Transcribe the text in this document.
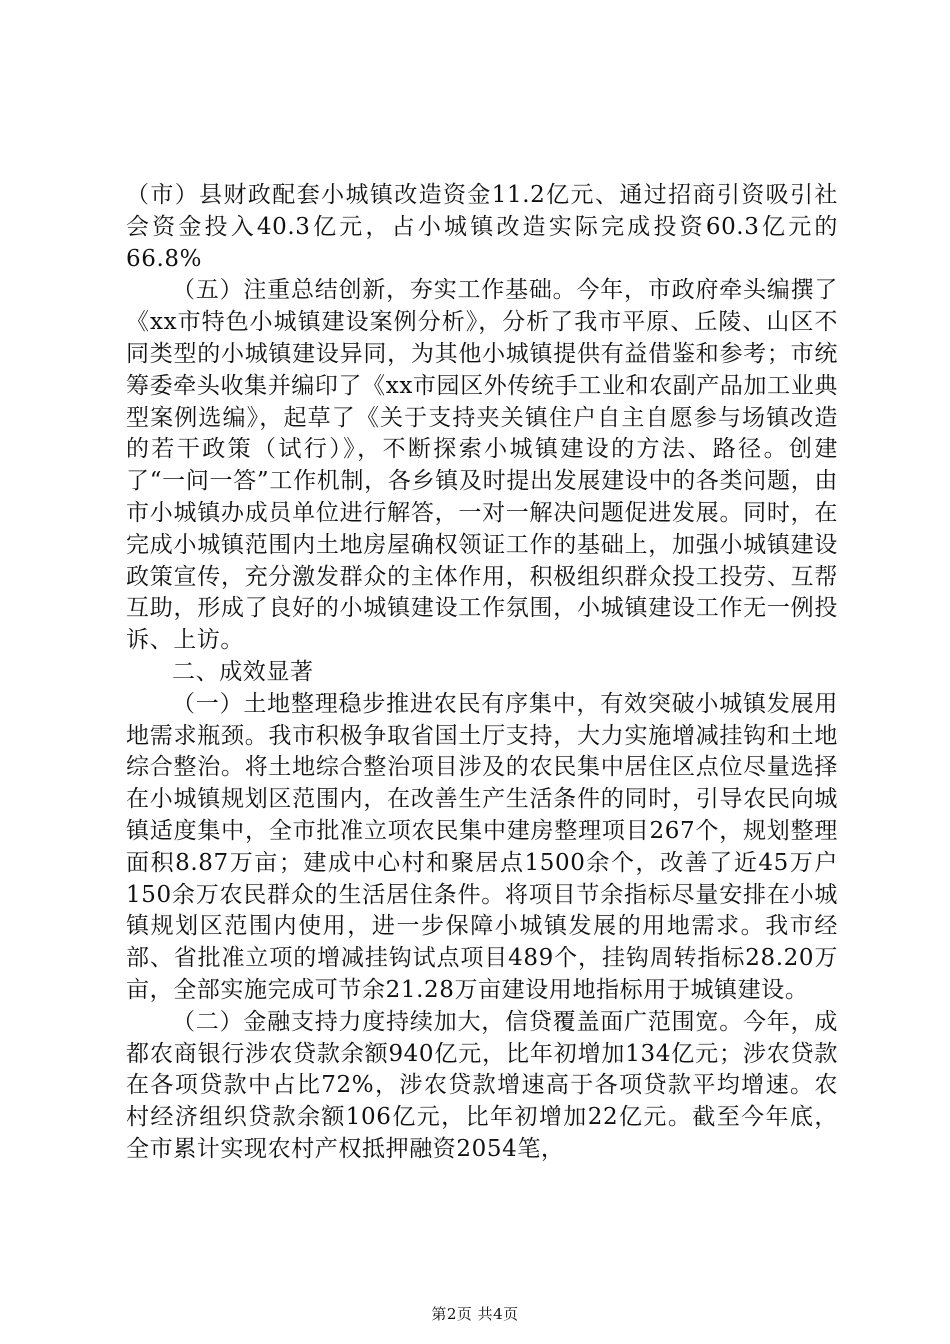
（市）县财政配套小城镇改造资金11.2亿元、通过招商引资吸引社会资金投入40.3亿元，占小城镇改造实际完成投资60.3亿元的66.8%

（五）注重总结创新，夯实工作基础。今年，市政府牵头编撰了《xx市特色小城镇建设案例分析》，分析了我市平原、丘陵、山区不同类型的小城镇建设异同，为其他小城镇提供有益借鉴和参考；市统筹委牵头收集并编印了《xx市园区外传统手工业和农副产品加工业典型案例选编》，起草了《关于支持夹关镇住户自主自愿参与场镇改造的若干政策（试行）》，不断探索小城镇建设的方法、路径。创建了“一问一答”工作机制，各乡镇及时提出发展建设中的各类问题，由市小城镇办成员单位进行解答，一对一解决问题促进发展。同时，在完成小城镇范围内土地房屋确权领证工作的基础上，加强小城镇建设政策宣传，充分激发群众的主体作用，积极组织群众投工投劳、互帮互助，形成了良好的小城镇建设工作氛围，小城镇建设工作无一例投诉、上访。

二、成效显著

（一）土地整理稳步推进农民有序集中，有效突破小城镇发展用地需求瓶颈。我市积极争取省国土厅支持，大力实施增减挂钩和土地综合整治。将土地综合整治项目涉及的农民集中居住区点位尽量选择在小城镇规划区范围内，在改善生产生活条件的同时，引导农民向城镇适度集中，全市批准立项农民集中建房整理项目267个，规划整理面积8.87万亩；建成中心村和聚居点1500余个，改善了近45万户150余万农民群众的生活居住条件。将项目节余指标尽量安排在小城镇规划区范围内使用，进一步保障小城镇发展的用地需求。我市经部、省批准立项的增减挂钩试点项目489个，挂钩周转指标28.20万亩，全部实施完成可节余21.28万亩建设用地指标用于城镇建设。

（二）金融支持力度持续加大，信贷覆盖面广范围宽。今年，成都农商银行涉农贷款余额940亿元，比年初增加134亿元；涉农贷款在各项贷款中占比72%，涉农贷款增速高于各项贷款平均增速。农村经济组织贷款余额106亿元，比年初增加22亿元。截至今年底，全市累计实现农村产权抵押融资2054笔，

第2页 共4页
